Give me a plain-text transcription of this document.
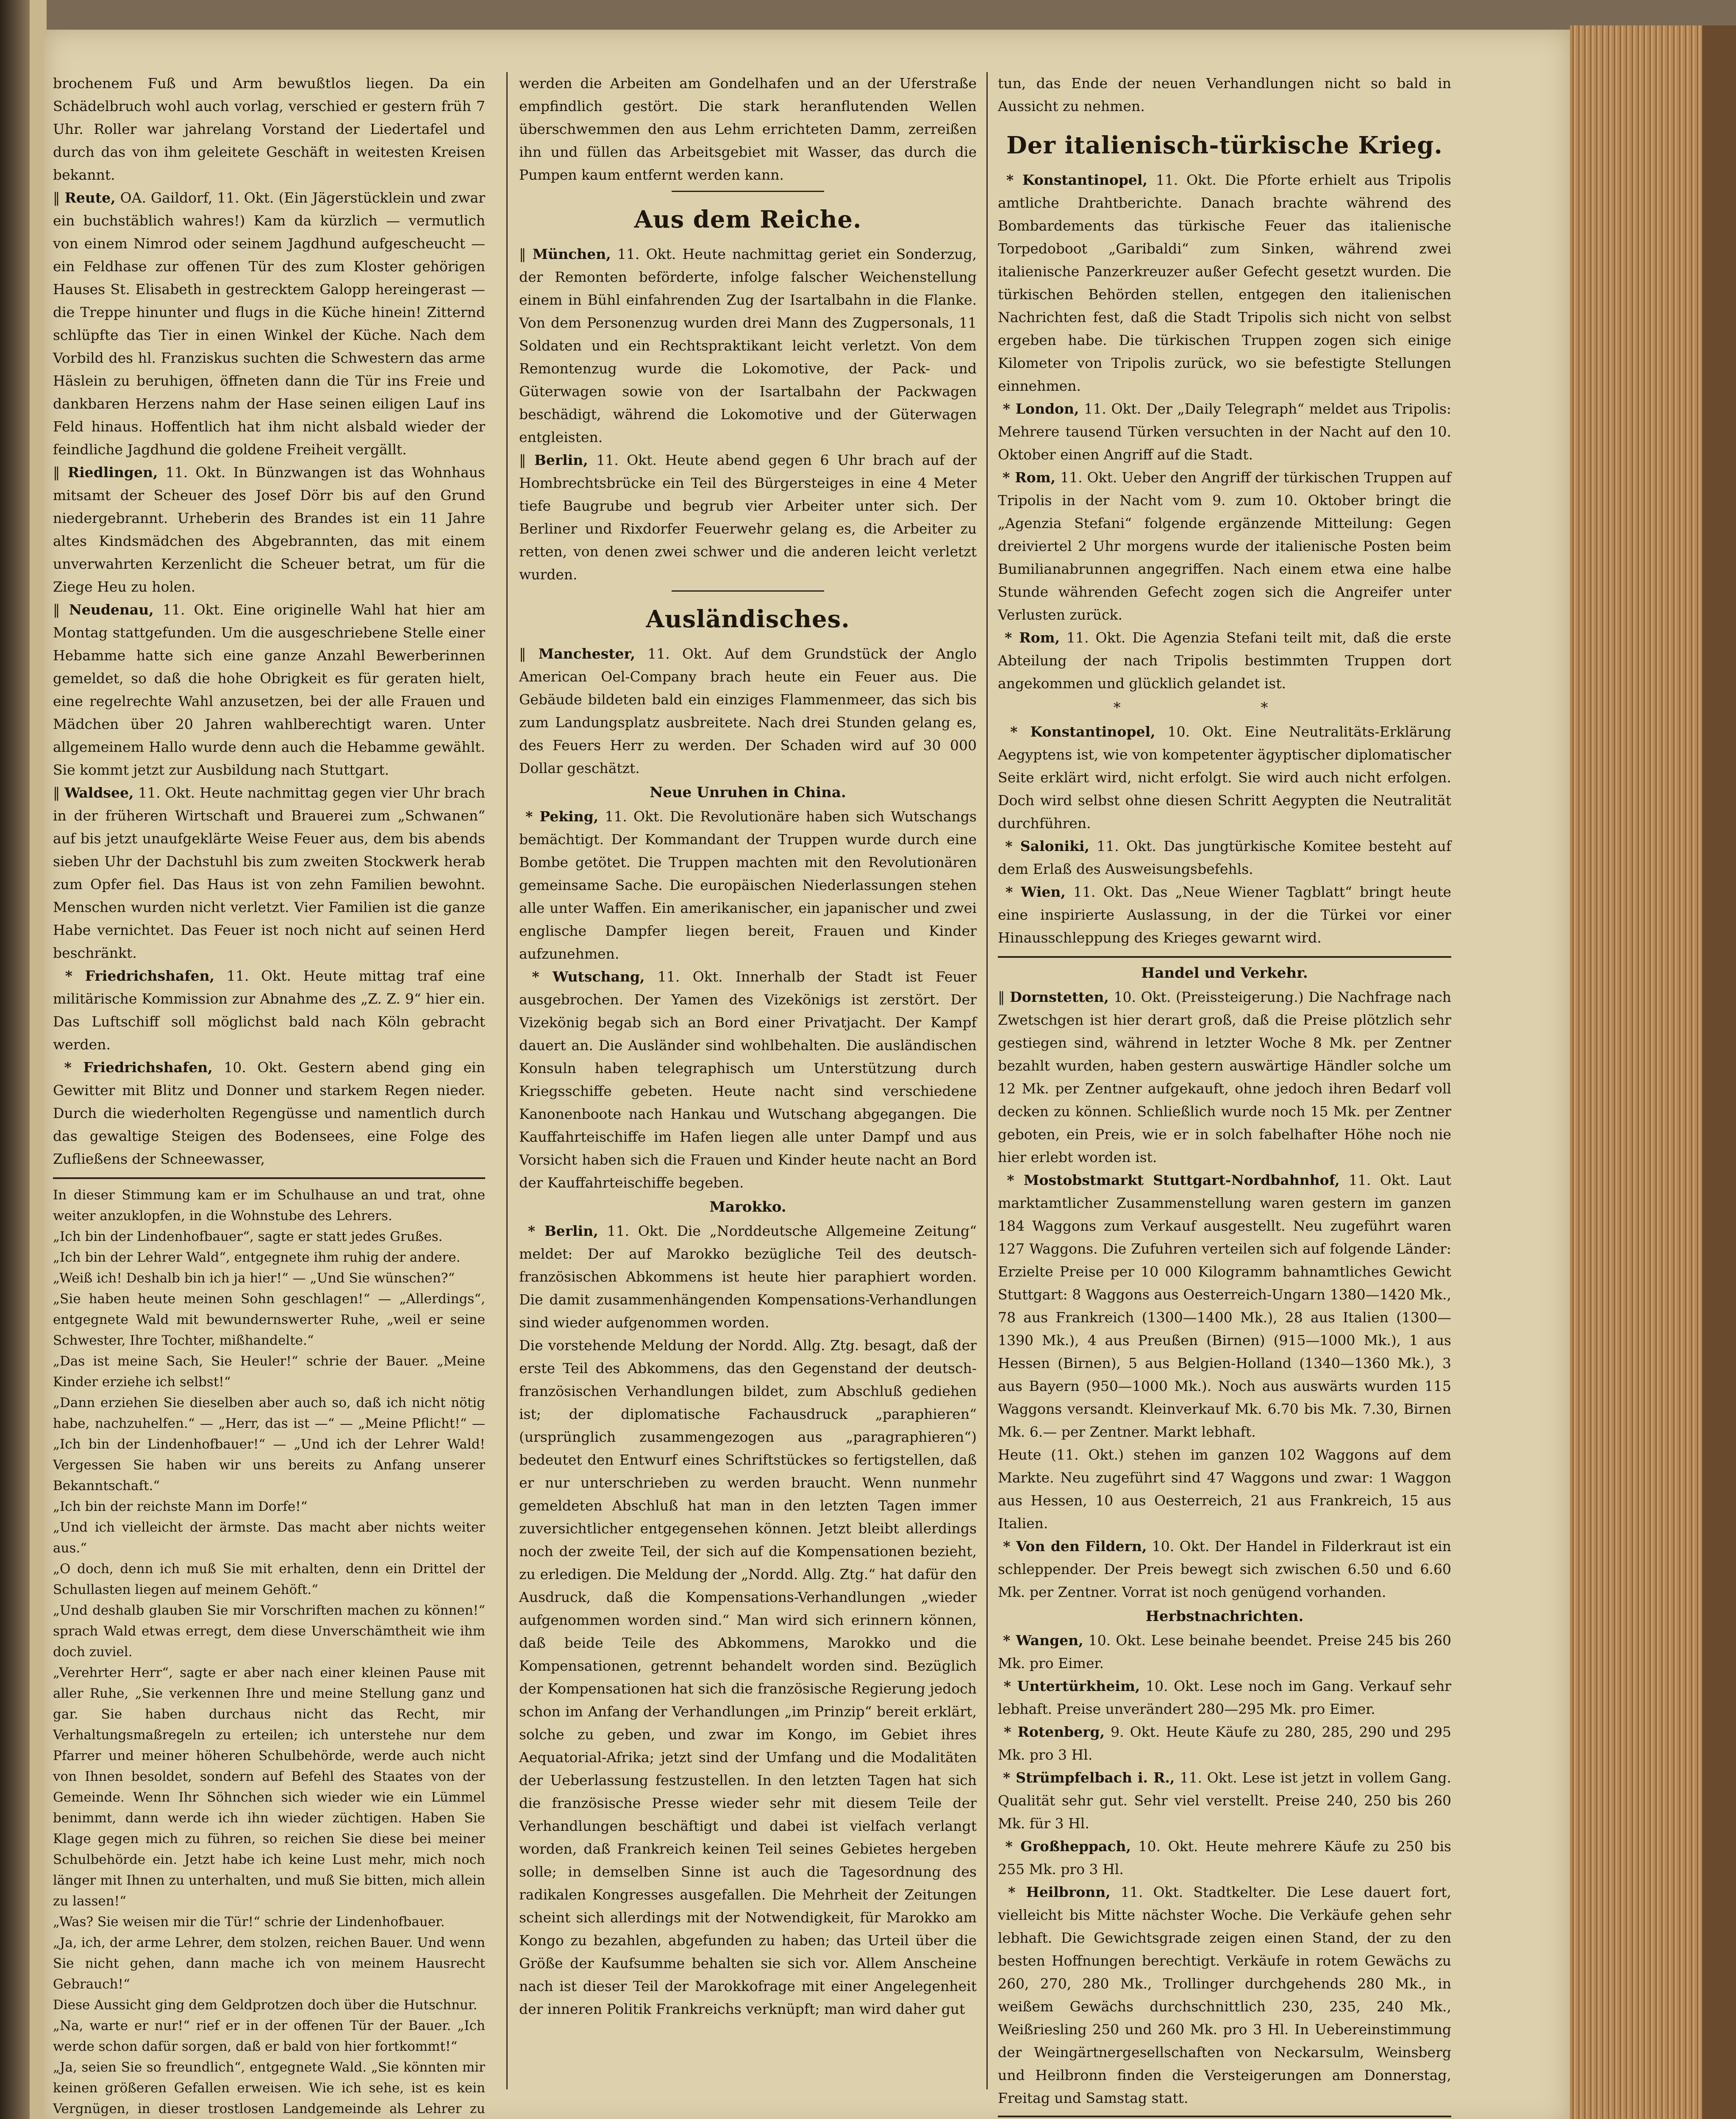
brochenem Fuß und Arm bewußtlos liegen. Da ein Schädelbruch wohl auch vorlag, verschied er gestern früh 7 Uhr. Roller war jahrelang Vorstand der Liedertafel und durch das von ihm geleitete Geschäft in weitesten Kreisen bekannt.

‖ Reute, OA. Gaildorf, 11. Okt. (Ein Jägerstücklein und zwar ein buchstäblich wahres!) Kam da kürzlich — vermutlich von einem Nimrod oder seinem Jagdhund aufgescheucht — ein Feldhase zur offenen Tür des zum Kloster gehörigen Hauses St. Elisabeth in gestrecktem Galopp hereingerast — die Treppe hinunter und flugs in die Küche hinein! Zitternd schlüpfte das Tier in einen Winkel der Küche. Nach dem Vorbild des hl. Franziskus suchten die Schwestern das arme Häslein zu beruhigen, öffneten dann die Tür ins Freie und dankbaren Herzens nahm der Hase seinen eiligen Lauf ins Feld hinaus. Hoffentlich hat ihm nicht alsbald wieder der feindliche Jagdhund die goldene Freiheit vergällt.

‖ Riedlingen, 11. Okt. In Bünzwangen ist das Wohnhaus mitsamt der Scheuer des Josef Dörr bis auf den Grund niedergebrannt. Urheberin des Brandes ist ein 11 Jahre altes Kindsmädchen des Abgebrannten, das mit einem unverwahrten Kerzenlicht die Scheuer betrat, um für die Ziege Heu zu holen.

‖ Neudenau, 11. Okt. Eine originelle Wahl hat hier am Montag stattgefunden. Um die ausgeschriebene Stelle einer Hebamme hatte sich eine ganze Anzahl Bewerberinnen gemeldet, so daß die hohe Obrigkeit es für geraten hielt, eine regelrechte Wahl anzusetzen, bei der alle Frauen und Mädchen über 20 Jahren wahlberechtigt waren. Unter allgemeinem Hallo wurde denn auch die Hebamme gewählt. Sie kommt jetzt zur Ausbildung nach Stuttgart.

‖ Waldsee, 11. Okt. Heute nachmittag gegen vier Uhr brach in der früheren Wirtschaft und Brauerei zum „Schwanen“ auf bis jetzt unaufgeklärte Weise Feuer aus, dem bis abends sieben Uhr der Dachstuhl bis zum zweiten Stockwerk herab zum Opfer fiel. Das Haus ist von zehn Familien bewohnt. Menschen wurden nicht verletzt. Vier Familien ist die ganze Habe vernichtet. Das Feuer ist noch nicht auf seinen Herd beschränkt.

* Friedrichshafen, 11. Okt. Heute mittag traf eine militärische Kommission zur Abnahme des „Z. Z. 9“ hier ein. Das Luftschiff soll möglichst bald nach Köln gebracht werden.

* Friedrichshafen, 10. Okt. Gestern abend ging ein Gewitter mit Blitz und Donner und starkem Regen nieder. Durch die wiederholten Regengüsse und namentlich durch das gewaltige Steigen des Bodensees, eine Folge des Zufließens der Schneewasser,

In dieser Stimmung kam er im Schulhause an und trat, ohne weiter anzuklopfen, in die Wohnstube des Lehrers.

„Ich bin der Lindenhofbauer“, sagte er statt jedes Grußes.

„Ich bin der Lehrer Wald“, entgegnete ihm ruhig der andere.

„Weiß ich! Deshalb bin ich ja hier!“ — „Und Sie wünschen?“

„Sie haben heute meinen Sohn geschlagen!“ — „Allerdings“, entgegnete Wald mit bewundernswerter Ruhe, „weil er seine Schwester, Ihre Tochter, mißhandelte.“

„Das ist meine Sach, Sie Heuler!“ schrie der Bauer. „Meine Kinder erziehe ich selbst!“

„Dann erziehen Sie dieselben aber auch so, daß ich nicht nötig habe, nachzuhelfen.“ — „Herr, das ist —“ — „Meine Pflicht!“ — „Ich bin der Lindenhofbauer!“ — „Und ich der Lehrer Wald! Vergessen Sie haben wir uns bereits zu Anfang unserer Bekanntschaft.“

„Ich bin der reichste Mann im Dorfe!“

„Und ich vielleicht der ärmste. Das macht aber nichts weiter aus.“

„O doch, denn ich muß Sie mit erhalten, denn ein Drittel der Schullasten liegen auf meinem Gehöft.“

„Und deshalb glauben Sie mir Vorschriften machen zu können!“ sprach Wald etwas erregt, dem diese Unverschämtheit wie ihm doch zuviel.

„Verehrter Herr“, sagte er aber nach einer kleinen Pause mit aller Ruhe, „Sie verkennen Ihre und meine Stellung ganz und gar. Sie haben durchaus nicht das Recht, mir Verhaltungsmaßregeln zu erteilen; ich unterstehe nur dem Pfarrer und meiner höheren Schulbehörde, werde auch nicht von Ihnen besoldet, sondern auf Befehl des Staates von der Gemeinde. Wenn Ihr Söhnchen sich wieder wie ein Lümmel benimmt, dann werde ich ihn wieder züchtigen. Haben Sie Klage gegen mich zu führen, so reichen Sie diese bei meiner Schulbehörde ein. Jetzt habe ich keine Lust mehr, mich noch länger mit Ihnen zu unterhalten, und muß Sie bitten, mich allein zu lassen!“

„Was? Sie weisen mir die Tür!“ schrie der Lindenhofbauer.

„Ja, ich, der arme Lehrer, dem stolzen, reichen Bauer. Und wenn Sie nicht gehen, dann mache ich von meinem Hausrecht Gebrauch!“

Diese Aussicht ging dem Geldprotzen doch über die Hutschnur.

„Na, warte er nur!“ rief er in der offenen Tür der Bauer. „Ich werde schon dafür sorgen, daß er bald von hier fortkommt!“

„Ja, seien Sie so freundlich“, entgegnete Wald. „Sie könnten mir keinen größeren Gefallen erweisen. Wie ich sehe, ist es kein Vergnügen, in dieser trostlosen Landgemeinde als Lehrer zu

werden die Arbeiten am Gondelhafen und an der Uferstraße empfindlich gestört. Die stark heranflutenden Wellen überschwemmen den aus Lehm errichteten Damm, zerreißen ihn und füllen das Arbeitsgebiet mit Wasser, das durch die Pumpen kaum entfernt werden kann.

Aus dem Reiche.

‖ München, 11. Okt. Heute nachmittag geriet ein Sonderzug, der Remonten beförderte, infolge falscher Weichenstellung einem in Bühl einfahrenden Zug der Isartalbahn in die Flanke. Von dem Personenzug wurden drei Mann des Zugpersonals, 11 Soldaten und ein Rechtspraktikant leicht verletzt. Von dem Remontenzug wurde die Lokomotive, der Pack- und Güterwagen sowie von der Isartalbahn der Packwagen beschädigt, während die Lokomotive und der Güterwagen entgleisten.

‖ Berlin, 11. Okt. Heute abend gegen 6 Uhr brach auf der Hombrechtsbrücke ein Teil des Bürgersteiges in eine 4 Meter tiefe Baugrube und begrub vier Arbeiter unter sich. Der Berliner und Rixdorfer Feuerwehr gelang es, die Arbeiter zu retten, von denen zwei schwer und die anderen leicht verletzt wurden.

Ausländisches.

‖ Manchester, 11. Okt. Auf dem Grundstück der Anglo American Oel-Company brach heute ein Feuer aus. Die Gebäude bildeten bald ein einziges Flammenmeer, das sich bis zum Landungsplatz ausbreitete. Nach drei Stunden gelang es, des Feuers Herr zu werden. Der Schaden wird auf 30 000 Dollar geschätzt.

Neue Unruhen in China.

* Peking, 11. Okt. Die Revolutionäre haben sich Wutschangs bemächtigt. Der Kommandant der Truppen wurde durch eine Bombe getötet. Die Truppen machten mit den Revolutionären gemeinsame Sache. Die europäischen Niederlassungen stehen alle unter Waffen. Ein amerikanischer, ein japanischer und zwei englische Dampfer liegen bereit, Frauen und Kinder aufzunehmen.

* Wutschang, 11. Okt. Innerhalb der Stadt ist Feuer ausgebrochen. Der Yamen des Vizekönigs ist zerstört. Der Vizekönig begab sich an Bord einer Privatjacht. Der Kampf dauert an. Die Ausländer sind wohlbehalten. Die ausländischen Konsuln haben telegraphisch um Unterstützung durch Kriegsschiffe gebeten. Heute nacht sind verschiedene Kanonenboote nach Hankau und Wutschang abgegangen. Die Kauffahrteischiffe im Hafen liegen alle unter Dampf und aus Vorsicht haben sich die Frauen und Kinder heute nacht an Bord der Kauffahrteischiffe begeben.

Marokko.

* Berlin, 11. Okt. Die „Norddeutsche Allgemeine Zeitung“ meldet: Der auf Marokko bezügliche Teil des deutsch-französischen Abkommens ist heute hier paraphiert worden. Die damit zusammenhängenden Kompensations-Verhandlungen sind wieder aufgenommen worden.

Die vorstehende Meldung der Nordd. Allg. Ztg. besagt, daß der erste Teil des Abkommens, das den Gegenstand der deutsch-französischen Verhandlungen bildet, zum Abschluß gediehen ist; der diplomatische Fachausdruck „paraphieren“ (ursprünglich zusammengezogen aus „paragraphieren“) bedeutet den Entwurf eines Schriftstückes so fertigstellen, daß er nur unterschrieben zu werden braucht. Wenn nunmehr gemeldeten Abschluß hat man in den letzten Tagen immer zuversichtlicher entgegensehen können. Jetzt bleibt allerdings noch der zweite Teil, der sich auf die Kompensationen bezieht, zu erledigen. Die Meldung der „Nordd. Allg. Ztg.“ hat dafür den Ausdruck, daß die Kompensations-Verhandlungen „wieder aufgenommen worden sind.“ Man wird sich erinnern können, daß beide Teile des Abkommens, Marokko und die Kompensationen, getrennt behandelt worden sind. Bezüglich der Kompensationen hat sich die französische Regierung jedoch schon im Anfang der Verhandlungen „im Prinzip“ bereit erklärt, solche zu geben, und zwar im Kongo, im Gebiet ihres Aequatorial-Afrika; jetzt sind der Umfang und die Modalitäten der Ueberlassung festzustellen. In den letzten Tagen hat sich die französische Presse wieder sehr mit diesem Teile der Verhandlungen beschäftigt und dabei ist vielfach verlangt worden, daß Frankreich keinen Teil seines Gebietes hergeben solle; in demselben Sinne ist auch die Tagesordnung des radikalen Kongresses ausgefallen. Die Mehrheit der Zeitungen scheint sich allerdings mit der Notwendigkeit, für Marokko am Kongo zu bezahlen, abgefunden zu haben; das Urteil über die Größe der Kaufsumme behalten sie sich vor. Allem Anscheine nach ist dieser Teil der Marokkofrage mit einer Angelegenheit der inneren Politik Frankreichs verknüpft; man wird daher gut

tun, das Ende der neuen Verhandlungen nicht so bald in Aussicht zu nehmen.

Der italienisch-türkische Krieg.

* Konstantinopel, 11. Okt. Die Pforte erhielt aus Tripolis amtliche Drahtberichte. Danach brachte während des Bombardements das türkische Feuer das italienische Torpedoboot „Garibaldi“ zum Sinken, während zwei italienische Panzerkreuzer außer Gefecht gesetzt wurden. Die türkischen Behörden stellen, entgegen den italienischen Nachrichten fest, daß die Stadt Tripolis sich nicht von selbst ergeben habe. Die türkischen Truppen zogen sich einige Kilometer von Tripolis zurück, wo sie befestigte Stellungen einnehmen.

* London, 11. Okt. Der „Daily Telegraph“ meldet aus Tripolis: Mehrere tausend Türken versuchten in der Nacht auf den 10. Oktober einen Angriff auf die Stadt.

* Rom, 11. Okt. Ueber den Angriff der türkischen Truppen auf Tripolis in der Nacht vom 9. zum 10. Oktober bringt die „Agenzia Stefani“ folgende ergänzende Mitteilung: Gegen dreiviertel 2 Uhr morgens wurde der italienische Posten beim Bumilianabrunnen angegriffen. Nach einem etwa eine halbe Stunde währenden Gefecht zogen sich die Angreifer unter Verlusten zurück.

* Rom, 11. Okt. Die Agenzia Stefani teilt mit, daß die erste Abteilung der nach Tripolis bestimmten Truppen dort angekommen und glücklich gelandet ist.

* *

* Konstantinopel, 10. Okt. Eine Neutralitäts-Erklärung Aegyptens ist, wie von kompetenter ägyptischer diplomatischer Seite erklärt wird, nicht erfolgt. Sie wird auch nicht erfolgen. Doch wird selbst ohne diesen Schritt Aegypten die Neutralität durchführen.

* Saloniki, 11. Okt. Das jungtürkische Komitee besteht auf dem Erlaß des Ausweisungsbefehls.

* Wien, 11. Okt. Das „Neue Wiener Tagblatt“ bringt heute eine inspirierte Auslassung, in der die Türkei vor einer Hinausschleppung des Krieges gewarnt wird.

Handel und Verkehr.

‖ Dornstetten, 10. Okt. (Preissteigerung.) Die Nachfrage nach Zwetschgen ist hier derart groß, daß die Preise plötzlich sehr gestiegen sind, während in letzter Woche 8 Mk. per Zentner bezahlt wurden, haben gestern auswärtige Händler solche um 12 Mk. per Zentner aufgekauft, ohne jedoch ihren Bedarf voll decken zu können. Schließlich wurde noch 15 Mk. per Zentner geboten, ein Preis, wie er in solch fabelhafter Höhe noch nie hier erlebt worden ist.

* Mostobstmarkt Stuttgart-Nordbahnhof, 11. Okt. Laut marktamtlicher Zusammenstellung waren gestern im ganzen 184 Waggons zum Verkauf ausgestellt. Neu zugeführt waren 127 Waggons. Die Zufuhren verteilen sich auf folgende Länder: Erzielte Preise per 10 000 Kilogramm bahnamtliches Gewicht Stuttgart: 8 Waggons aus Oesterreich-Ungarn 1380—1420 Mk., 78 aus Frankreich (1300—1400 Mk.), 28 aus Italien (1300—1390 Mk.), 4 aus Preußen (Birnen) (915—1000 Mk.), 1 aus Hessen (Birnen), 5 aus Belgien-Holland (1340—1360 Mk.), 3 aus Bayern (950—1000 Mk.). Noch aus auswärts wurden 115 Waggons versandt. Kleinverkauf Mk. 6.70 bis Mk. 7.30, Birnen Mk. 6.— per Zentner. Markt lebhaft.

Heute (11. Okt.) stehen im ganzen 102 Waggons auf dem Markte. Neu zugeführt sind 47 Waggons und zwar: 1 Waggon aus Hessen, 10 aus Oesterreich, 21 aus Frankreich, 15 aus Italien.

* Von den Fildern, 10. Okt. Der Handel in Filderkraut ist ein schleppender. Der Preis bewegt sich zwischen 6.50 und 6.60 Mk. per Zentner. Vorrat ist noch genügend vorhanden.

Herbstnachrichten.

* Wangen, 10. Okt. Lese beinahe beendet. Preise 245 bis 260 Mk. pro Eimer.

* Untertürkheim, 10. Okt. Lese noch im Gang. Verkauf sehr lebhaft. Preise unverändert 280—295 Mk. pro Eimer.

* Rotenberg, 9. Okt. Heute Käufe zu 280, 285, 290 und 295 Mk. pro 3 Hl.

* Strümpfelbach i. R., 11. Okt. Lese ist jetzt in vollem Gang. Qualität sehr gut. Sehr viel verstellt. Preise 240, 250 bis 260 Mk. für 3 Hl.

* Großheppach, 10. Okt. Heute mehrere Käufe zu 250 bis 255 Mk. pro 3 Hl.

* Heilbronn, 11. Okt. Stadtkelter. Die Lese dauert fort, vielleicht bis Mitte nächster Woche. Die Verkäufe gehen sehr lebhaft. Die Gewichtsgrade zeigen einen Stand, der zu den besten Hoffnungen berechtigt. Verkäufe in rotem Gewächs zu 260, 270, 280 Mk., Trollinger durchgehends 280 Mk., in weißem Gewächs durchschnittlich 230, 235, 240 Mk., Weißriesling 250 und 260 Mk. pro 3 Hl. In Uebereinstimmung der Weingärtnergesellschaften von Neckarsulm, Weinsberg und Heilbronn finden die Versteigerungen am Donnerstag, Freitag und Samstag statt.
